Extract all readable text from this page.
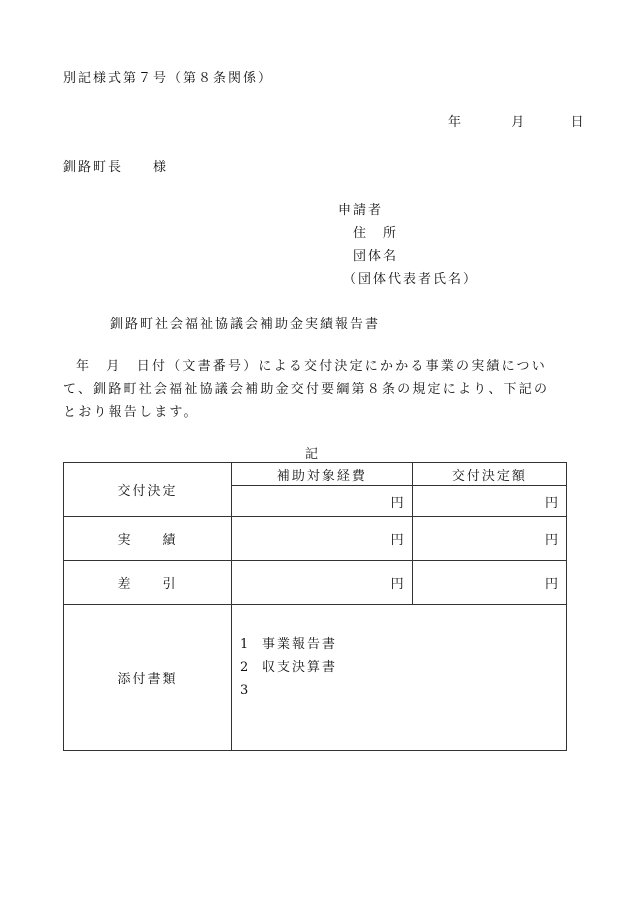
別記様式第７号（第８条関係）
年	月	日
釧路町長　　様
申請者
住　所
団体名
（団体代表者氏名）
釧路町社会福祉協議会補助金実績報告書
年　月　日付（文書番号）による交付決定にかかる事業の実績について、釧路町社会福祉協議会補助金交付要綱第８条の規定により、下記のとおり報告します。
記
交付決定	補助対象経費	交付決定額
	円	円
実　　績	円	円
差　　引	円	円
添付書類	1 事業報告書
2 収支決算書
3	
